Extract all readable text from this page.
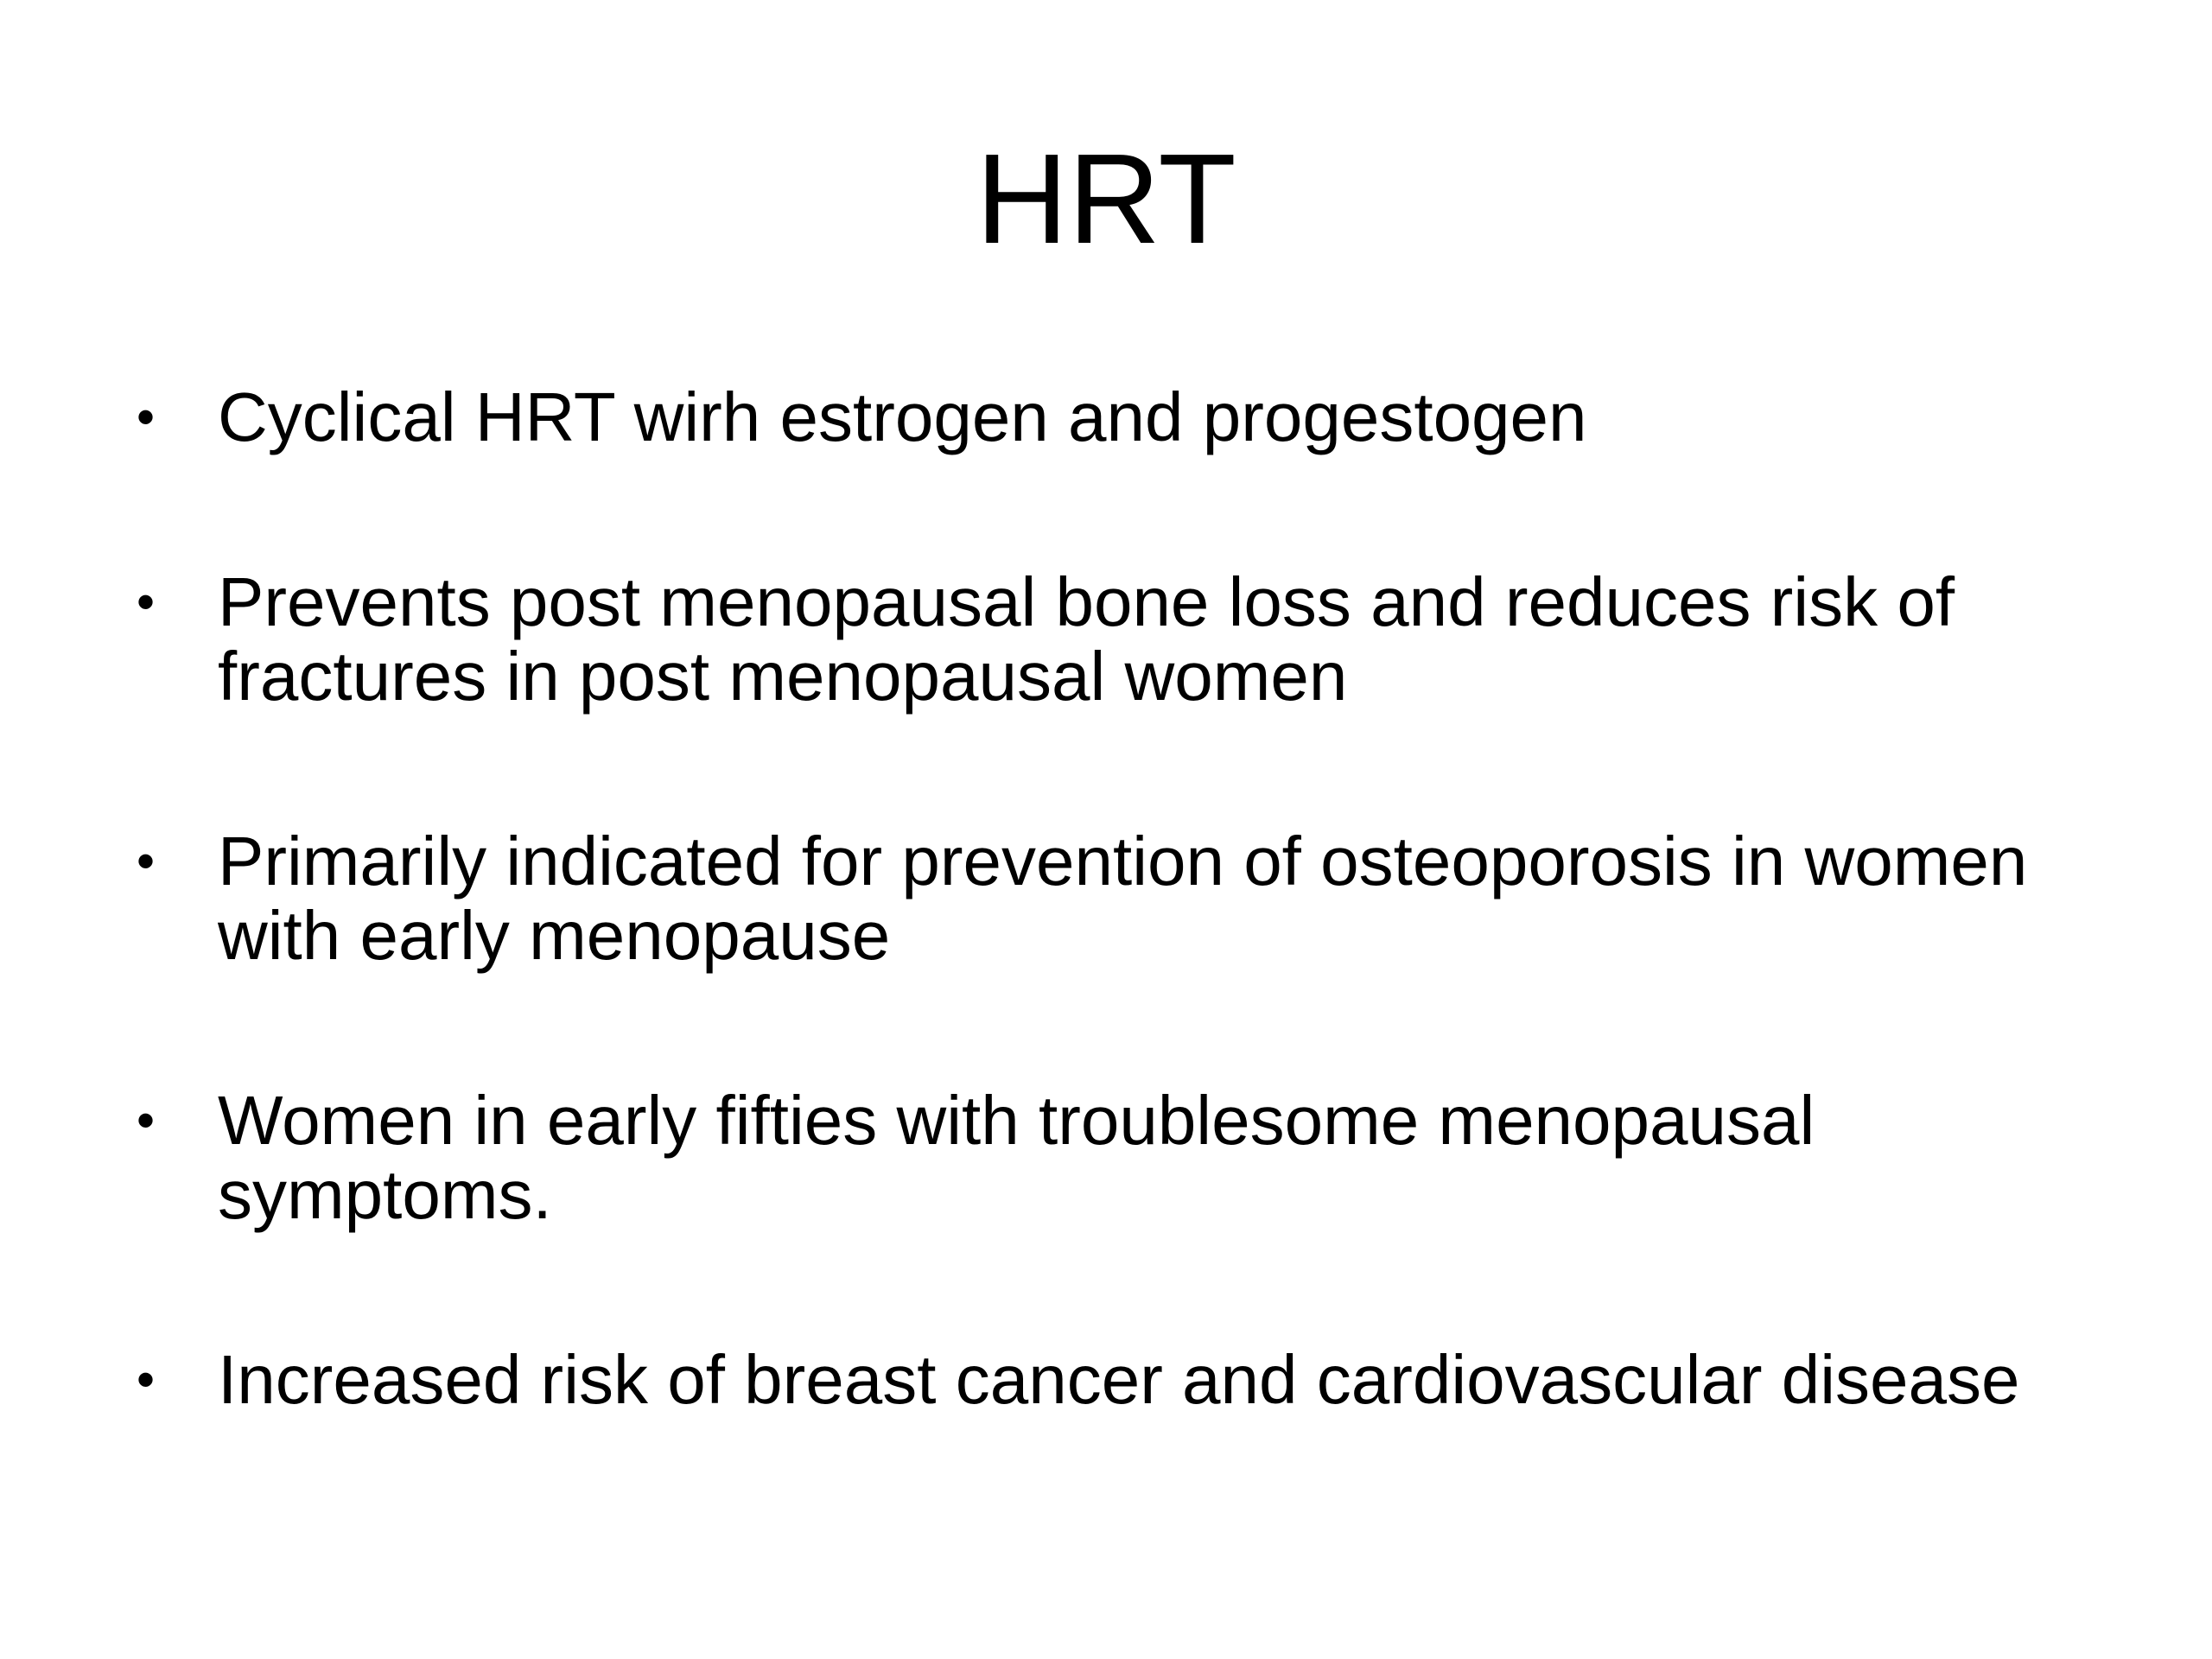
HRT
• Cyclical HRT wirh estrogen and progestogen
• Prevents post menopausal bone loss and reduces risk of fractures in post menopausal women
• Primarily indicated for prevention of osteoporosis in women with early menopause
• Women in early fifties with troublesome menopausal symptoms.
• Increased risk of breast cancer and cardiovascular disease
